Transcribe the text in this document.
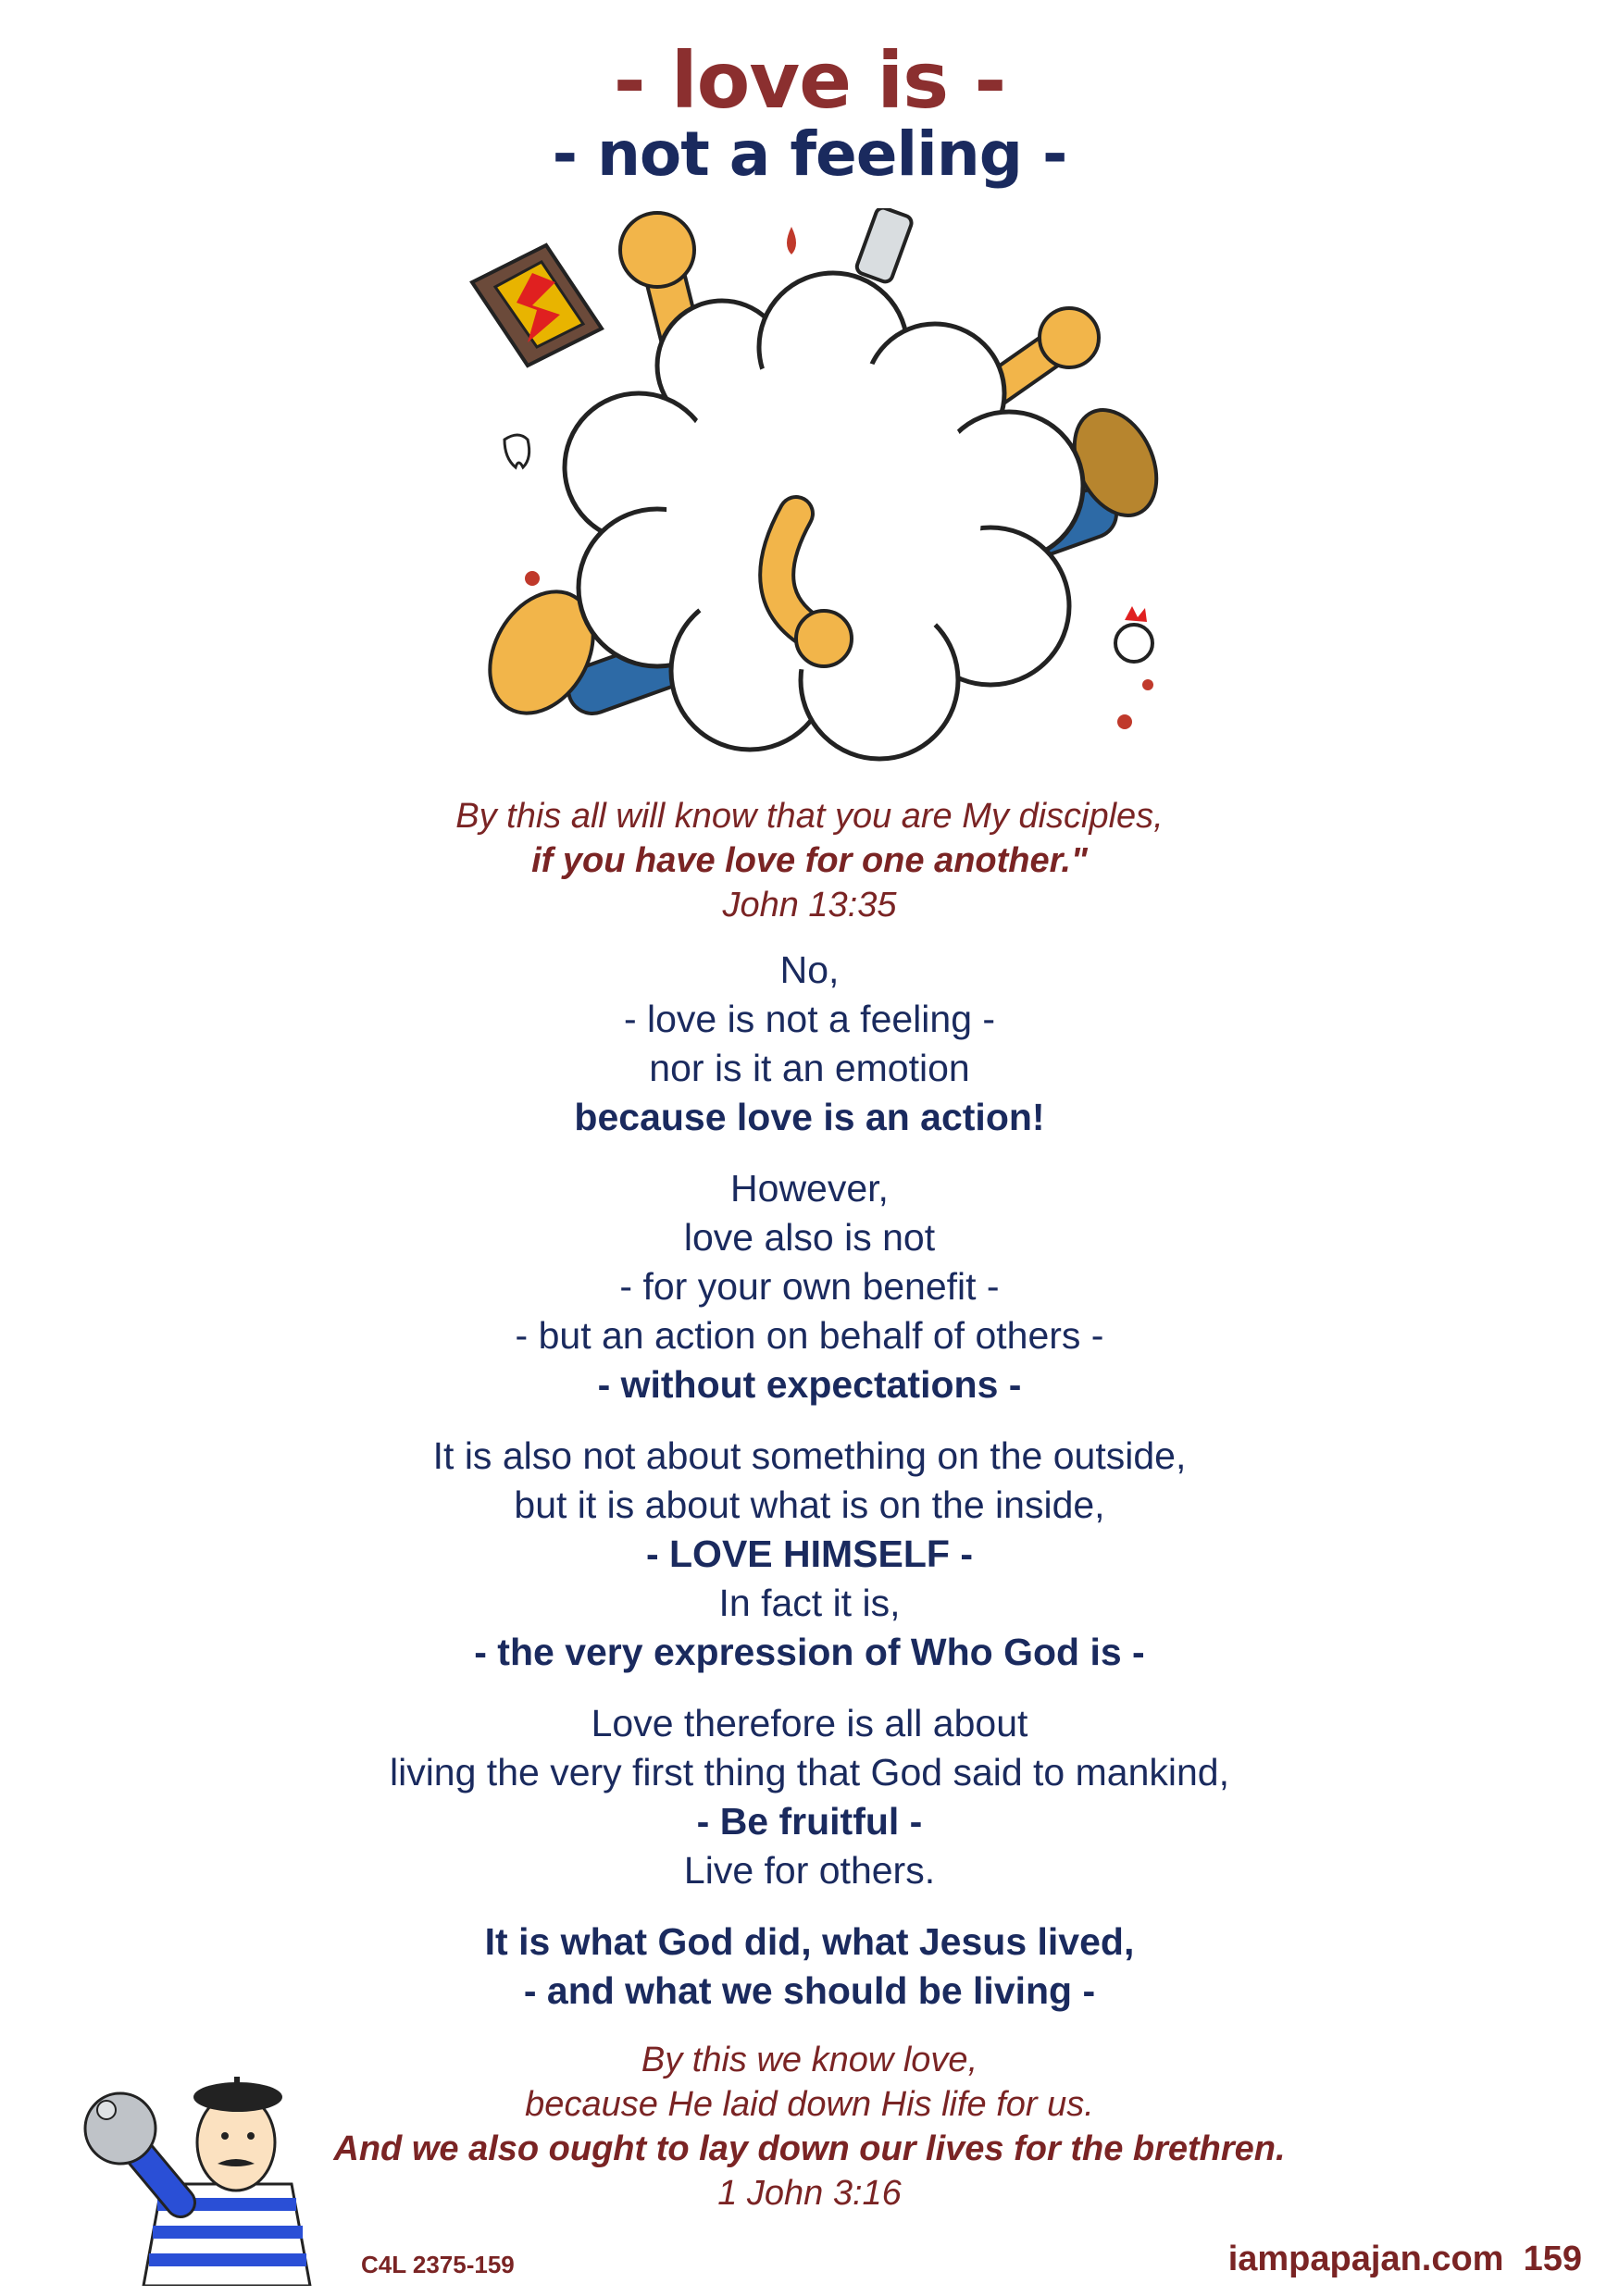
- love is -
- not a feeling -
By this all will know that you are My disciples,
if you have love for one another."
John 13:35
No,
- love is not a feeling -
nor is it an emotion
because love is an action!
However,
love also is not
- for your own benefit -
- but an action on behalf of others -
- without expectations -
It is also not about something on the outside,
but it is about what is on the inside,
- LOVE HIMSELF -
In fact it is,
- the very expression of Who God is -
Love therefore is all about
living the very first thing that God said to mankind,
- Be fruitful -
Live for others.
It is what God did, what Jesus lived,
- and what we should be living -
By this we know love,
because He laid down His life for us.
And we also ought to lay down our lives for the brethren.
1 John 3:16
C4L 2375-159	iampapajan.com 159
